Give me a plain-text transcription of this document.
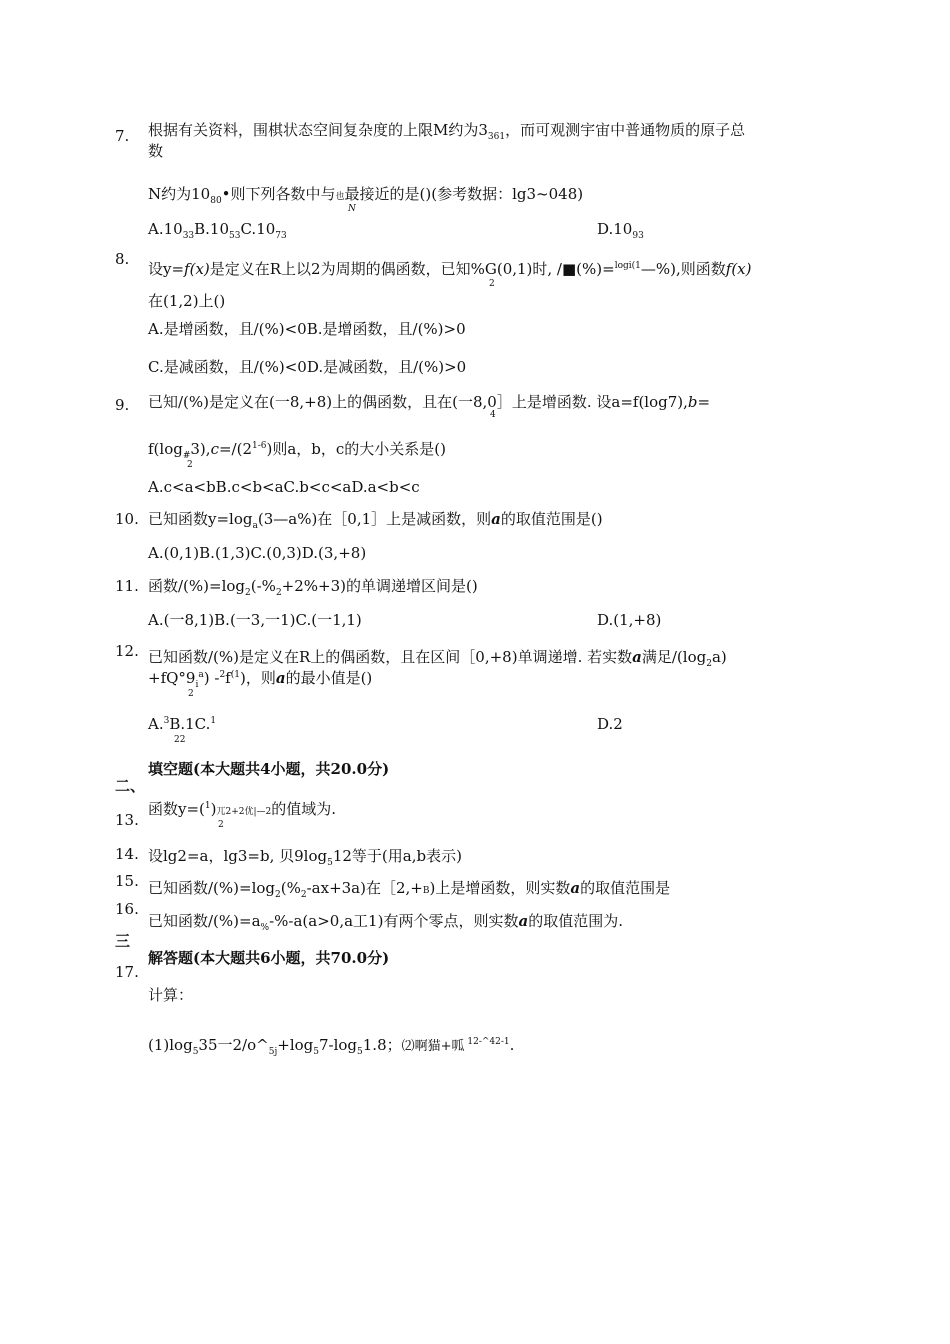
7. 根据有关资料，围棋状态空间复杂度的上限M约为$3_{361}$，而可观测宇宙中普通物质的原子总
数
N约为$10_{80}•$则下列各数中与也最接近的是()(参考数据：lg3~048)
N
$A.10_{33}B.10_{53}C.10_{73}$	$D.10_{93}$
8.
设y=f(x)是定义在R上以2为周期的偶函数，已知%G(0,1)时, /■(%)=$^{logi(1}$—%),则函数f(x)
2
在(1,2)上()
A.是增函数，且/(%)<0B.是增函数，且/(%)>0
C.是减函数，且/(%)<0D.是减函数，且/(%)>0
9. 已知/(%)是定义在(一8,+8)上的偶函数，且在(一8,0］上是增函数. 设a=f(log7),b=
4
$f(\log_{\#}3),c=/(2^{1-6})$则a，b，c的大小关系是()
2
A.c<a<bB.c<b<aC.b<c<aD.a<b<c
10. 已知函数$y=\log_a(3—a\%)$在［0,1］上是减函数，则a的取值范围是()
A.(0,1)B.(1,3)C.(0,3)D.(3,+8)
11. 函数$/(\%)=\log_2(-\%_2+2\%+3)$的单调递增区间是()
A.(一8,1)B.(一3,一1)C.(一1,1)	D.(1,+8)
12. 已知函数/(%)是定义在R上的偶函数，且在区间［0,+8)单调递增. 若实数a满足$/(\log_2a)$
$+fQ^\circ 9_i^a$) $-^2f^{(1}$)，则a的最小值是()
2
A.$^3$B.1C.$^1$
22
D.2
二、
填空题(本大题共4小题，共20.0分)
13.
函数y=($^1$)兀2+2优|—2的值域为.
2
14. 设lg2=a，lg3=b, 贝$9\log_512$等于(用a,b表示)
15. 已知函数$/(\%)=\log_2(\%_2-ax+3a)$在［2,+B)上是增函数，则实数a的取值范围是
16.
已知函数$/(\%)=a_{\%}-\%-a(a>0,a$工1)有两个零点，则实数a的取值范围为.
三
解答题(本大题共6小题，共70.0分)
17.
计算：
$(1)\log_535$一$2/o\^{}_{5j}+\log_57-\log_51.8$；⑵啊猫+呱 $^{12-\^{}42-1}$.
